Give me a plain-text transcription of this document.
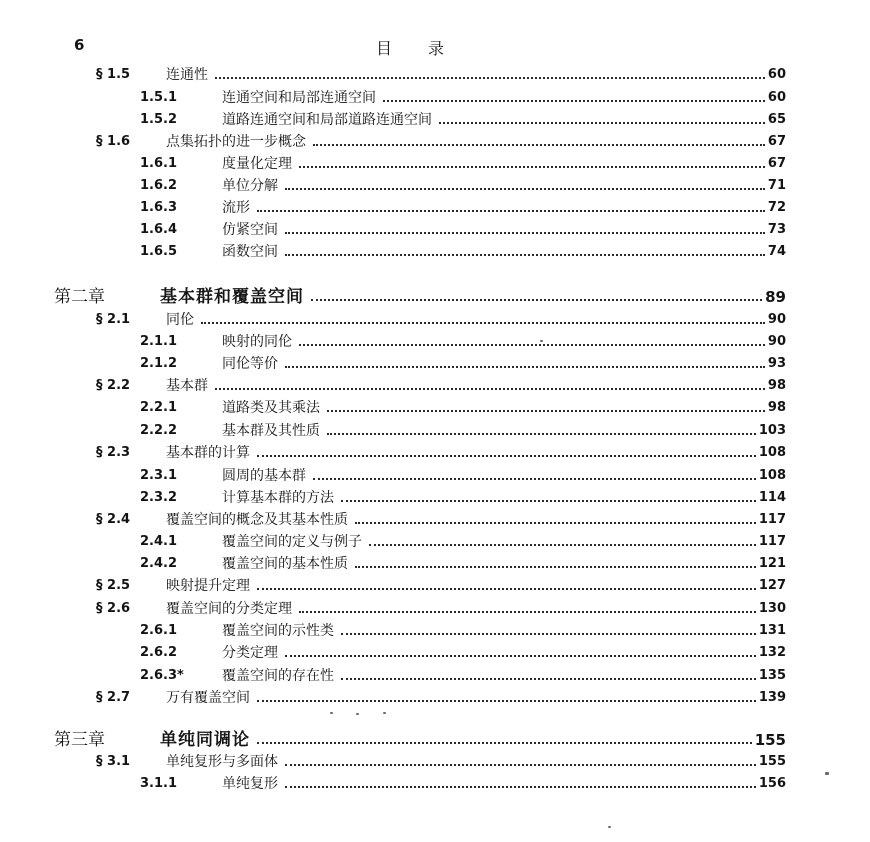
6	目录
§ 1.5	连通性	60
1.5.1	连通空间和局部连通空间	60
1.5.2	道路连通空间和局部道路连通空间	65
§ 1.6	点集拓扑的进一步概念	67
1.6.1	度量化定理	67
1.6.2	单位分解	71
1.6.3	流形	72
1.6.4	仿紧空间	73
1.6.5	函数空间	74
第二章	基本群和覆盖空间	89
§ 2.1	同伦	90
2.1.1	映射的同伦	90
2.1.2	同伦等价	93
§ 2.2	基本群	98
2.2.1	道路类及其乘法	98
2.2.2	基本群及其性质	103
§ 2.3	基本群的计算	108
2.3.1	圆周的基本群	108
2.3.2	计算基本群的方法	114
§ 2.4	覆盖空间的概念及其基本性质	117
2.4.1	覆盖空间的定义与例子	117
2.4.2	覆盖空间的基本性质	121
§ 2.5	映射提升定理	127
§ 2.6	覆盖空间的分类定理	130
2.6.1	覆盖空间的示性类	131
2.6.2	分类定理	132
2.6.3*	覆盖空间的存在性	135
§ 2.7	万有覆盖空间	139
第三章	单纯同调论	155
§ 3.1	单纯复形与多面体	155
3.1.1	单纯复形	156
